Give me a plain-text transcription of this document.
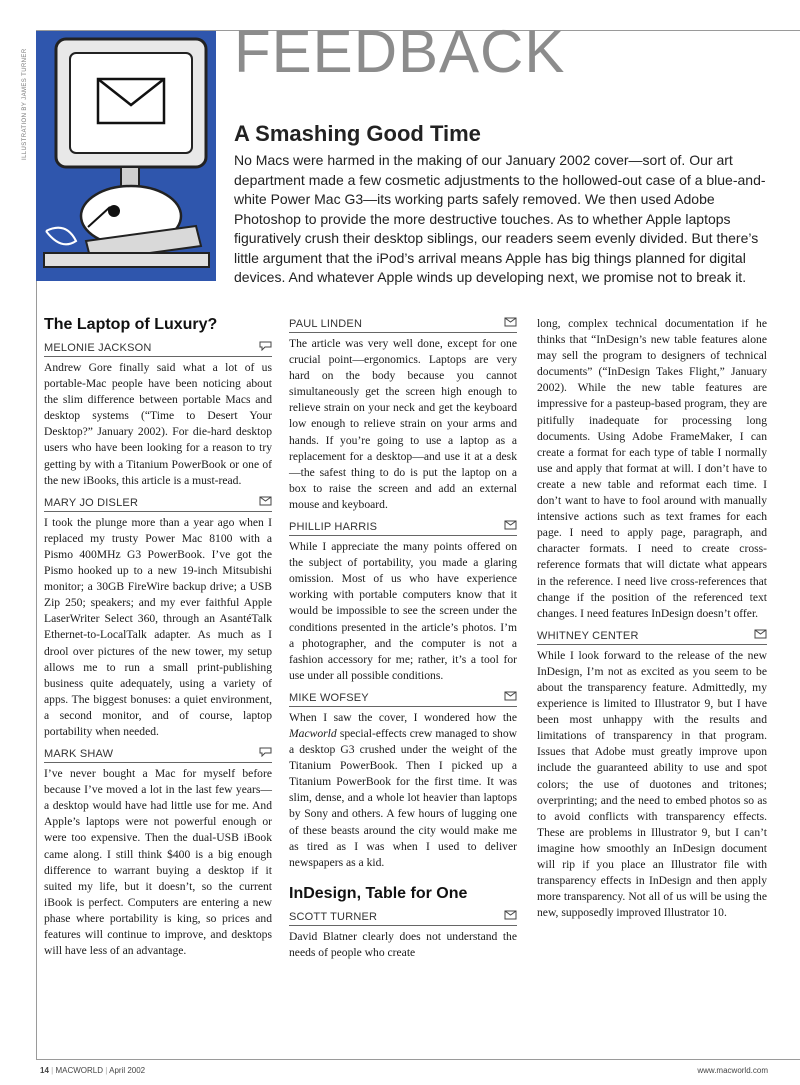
ILLUSTRATION BY JAMES TURNER	FEEDBACK
A Smashing Good Time

No Macs were harmed in the making of our January 2002 cover—sort of. Our art department made a few cosmetic adjustments to the hollowed-out case of a blue-and-white Power Mac G3—its working parts safely removed. We then used Adobe Photoshop to provide the more destructive touches. As to whether Apple laptops figuratively crush their desktop siblings, our readers seem evenly divided. But there’s little argument that the iPod’s arrival means Apple has big things planned for digital devices. And whatever Apple winds up developing next, we promise not to break it.

The Laptop of Luxury?
MELONIE JACKSON

Andrew Gore finally said what a lot of us portable-Mac people have been noticing about the slim difference between portable Macs and desktop systems (“Time to Desert Your Desktop?” January 2002). For die-hard desktop users who have been looking for a reason to try getting by with a Titanium PowerBook or one of the new iBooks, this article is a must-read.

MARY JO DISLER

I took the plunge more than a year ago when I replaced my trusty Power Mac 8100 with a Pismo 400MHz G3 PowerBook. I’ve got the Pismo hooked up to a new 19-inch Mitsubishi monitor; a 30GB FireWire backup drive; a USB Zip 250; speakers; and my ever faithful Apple LaserWriter Select 360, through an AsantéTalk Ethernet-to-LocalTalk adapter. As much as I drool over pictures of the new tower, my setup allows me to run a small print-publishing business quite adequately, using a variety of apps. The biggest bonuses: a quiet environment, a second monitor, and of course, laptop portability when needed.

MARK SHAW

I’ve never bought a Mac for myself before because I’ve moved a lot in the last few years—a desktop would have had little use for me. And Apple’s laptops were not powerful enough or were too expensive. Then the dual-USB iBook came along. I still think $400 is a big enough difference to warrant buying a desktop if it suited my life, but it doesn’t, so the current iBook is perfect. Computers are entering a new phase where portability is king, so prices and features will continue to improve, and desktops will have less of an advantage.

PAUL LINDEN

The article was very well done, except for one crucial point—ergonomics. Laptops are very hard on the body because you cannot simultaneously get the screen high enough to relieve strain on your neck and get the keyboard low enough to relieve strain on your arms and hands. If you’re going to use a laptop as a replacement for a desktop—and use it at a desk—the safest thing to do is put the laptop on a box to raise the screen and add an external mouse and keyboard.

PHILLIP HARRIS

While I appreciate the many points offered on the subject of portability, you made a glaring omission. Most of us who have experience working with portable computers know that it would be impossible to see the screen under the conditions presented in the article’s photos. I’m a photographer, and the computer is not a fashion accessory for me; rather, it’s a tool for use under all possible conditions.

MIKE WOFSEY

When I saw the cover, I wondered how the Macworld special-effects crew managed to show a desktop G3 crushed under the weight of the Titanium PowerBook. Then I picked up a Titanium PowerBook for the first time. It was slim, dense, and a whole lot heavier than laptops by Sony and others. A few hours of lugging one of these beasts around the city would make me as tired as I was when I used to deliver newspapers as a kid.

InDesign, Table for One
SCOTT TURNER

David Blatner clearly does not understand the needs of people who create

long, complex technical documentation if he thinks that “InDesign’s new table features alone may sell the program to designers of technical documents” (“InDesign Takes Flight,” January 2002). While the new table features are impressive for a pasteup-based program, they are pitifully inadequate for processing long documents. Using Adobe FrameMaker, I can create a format for each type of table I normally use and apply that format at will. I don’t have to create a new table and reformat each time. I don’t want to have to fool around with manually intensive actions such as text frames for each page. I need to apply page, paragraph, and character formats. I need to create cross-reference formats that will dictate what appears in the reference. I need live cross-references that change if the position of the referenced text changes. I need features InDesign doesn’t offer.

WHITNEY CENTER

While I look forward to the release of the new InDesign, I’m not as excited as you seem to be about the transparency feature. Admittedly, my experience is limited to Illustrator 9, but I have been most unhappy with the results and limitations of transparency in that program. Issues that Adobe must greatly improve upon include the guaranteed ability to use and spot colors; the use of duotones and tritones; overprinting; and the need to embed photos so as to avoid conflicts with transparency effects. These are problems in Illustrator 9, but I can’t imagine how smoothly an InDesign document will rip if you place an Illustrator file with transparency effects in InDesign and then apply more transparency. Not all of us will be using the new, supposedly improved Illustrator 10.

14 | MACWORLD | April 2002	www.macworld.com
